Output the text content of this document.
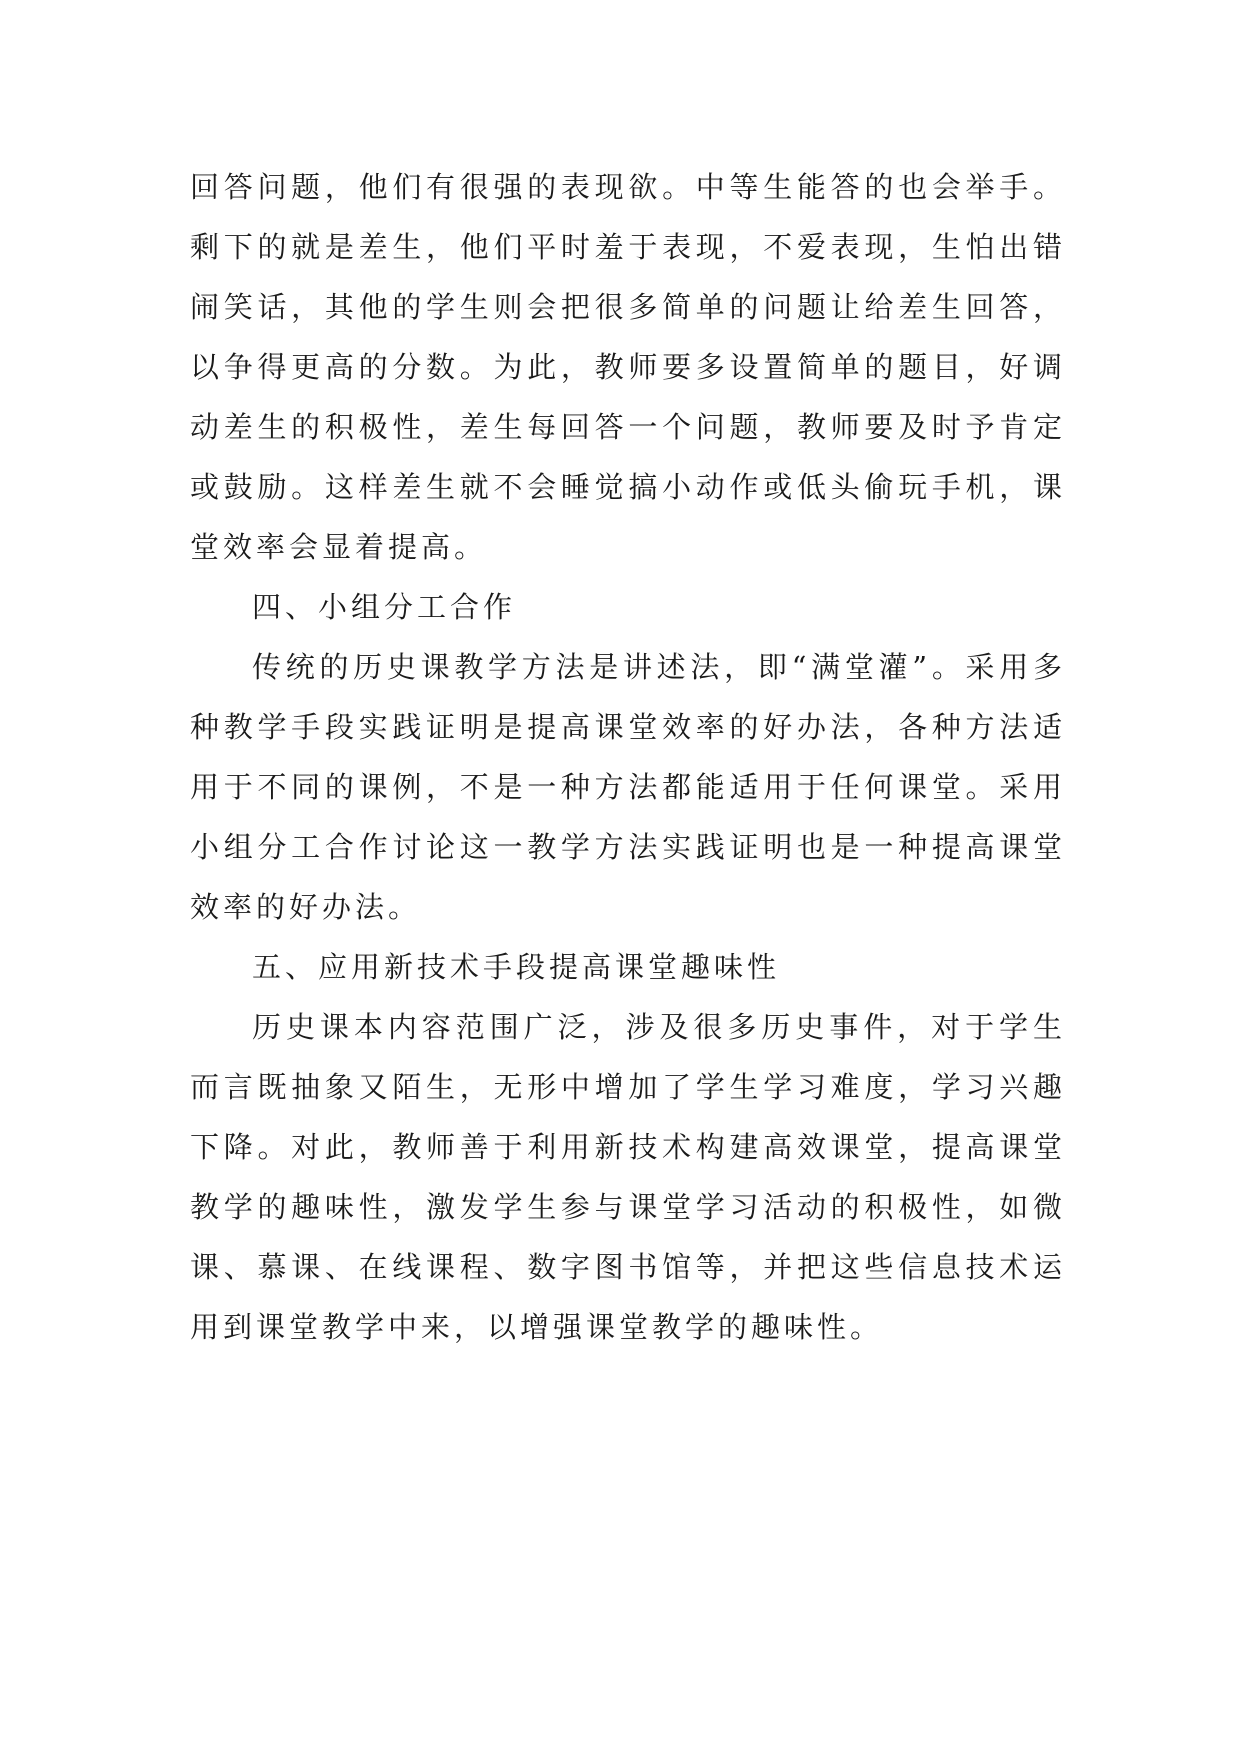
回答问题，他们有很强的表现欲。中等生能答的也会举手。剩下的就是差生，他们平时羞于表现，不爱表现，生怕出错闹笑话，其他的学生则会把很多简单的问题让给差生回答，以争得更高的分数。为此，教师要多设置简单的题目，好调动差生的积极性，差生每回答一个问题，教师要及时予肯定或鼓励。这样差生就不会睡觉搞小动作或低头偷玩手机，课堂效率会显着提高。

四、小组分工合作

传统的历史课教学方法是讲述法，即“满堂灌”。采用多种教学手段实践证明是提高课堂效率的好办法，各种方法适用于不同的课例，不是一种方法都能适用于任何课堂。采用小组分工合作讨论这一教学方法实践证明也是一种提高课堂效率的好办法。

五、应用新技术手段提高课堂趣味性

历史课本内容范围广泛，涉及很多历史事件，对于学生而言既抽象又陌生，无形中增加了学生学习难度，学习兴趣下降。对此，教师善于利用新技术构建高效课堂，提高课堂教学的趣味性，激发学生参与课堂学习活动的积极性，如微课、慕课、在线课程、数字图书馆等，并把这些信息技术运用到课堂教学中来，以增强课堂教学的趣味性。
